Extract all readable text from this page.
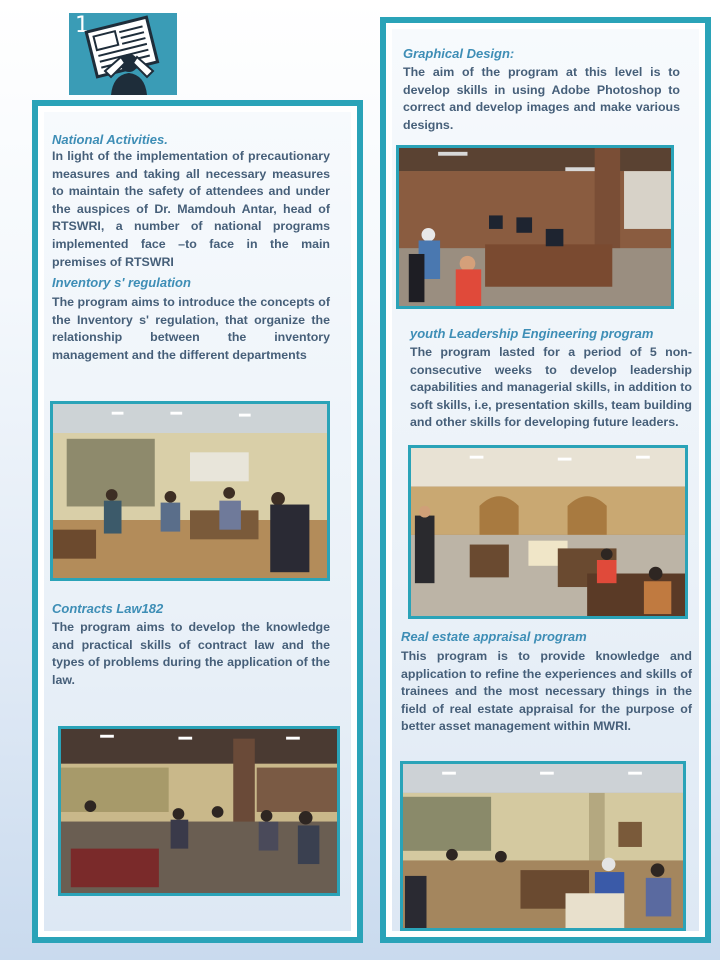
1
National Activities.

In light of the implementation of precautionary measures and taking all necessary measures to maintain the safety of attendees and under the auspices of Dr. Mamdouh Antar, head of RTSWRI, a number of national programs implemented face –to face in the main premises of RTSWRI

Inventory s' regulation

The program aims to introduce the concepts of the Inventory s' regulation, that organize the relationship between the inventory management and the different departments

Contracts Law182

The program aims to develop the knowledge and practical skills of contract law and the types of problems during the application of the law.

Graphical Design:

The aim of the program at this level is to develop skills in using Adobe Photoshop to correct and develop images and make various designs.

youth Leadership Engineering program

The program lasted for a period of 5 non-consecutive weeks to develop leadership capabilities and managerial skills, in addition to soft skills, i.e, presentation skills, team building and other skills for developing future leaders.

Real estate appraisal program

This program is to provide knowledge and application to refine the experiences and skills of trainees and the most necessary things in the field of real estate appraisal for the purpose of better asset management within MWRI.
